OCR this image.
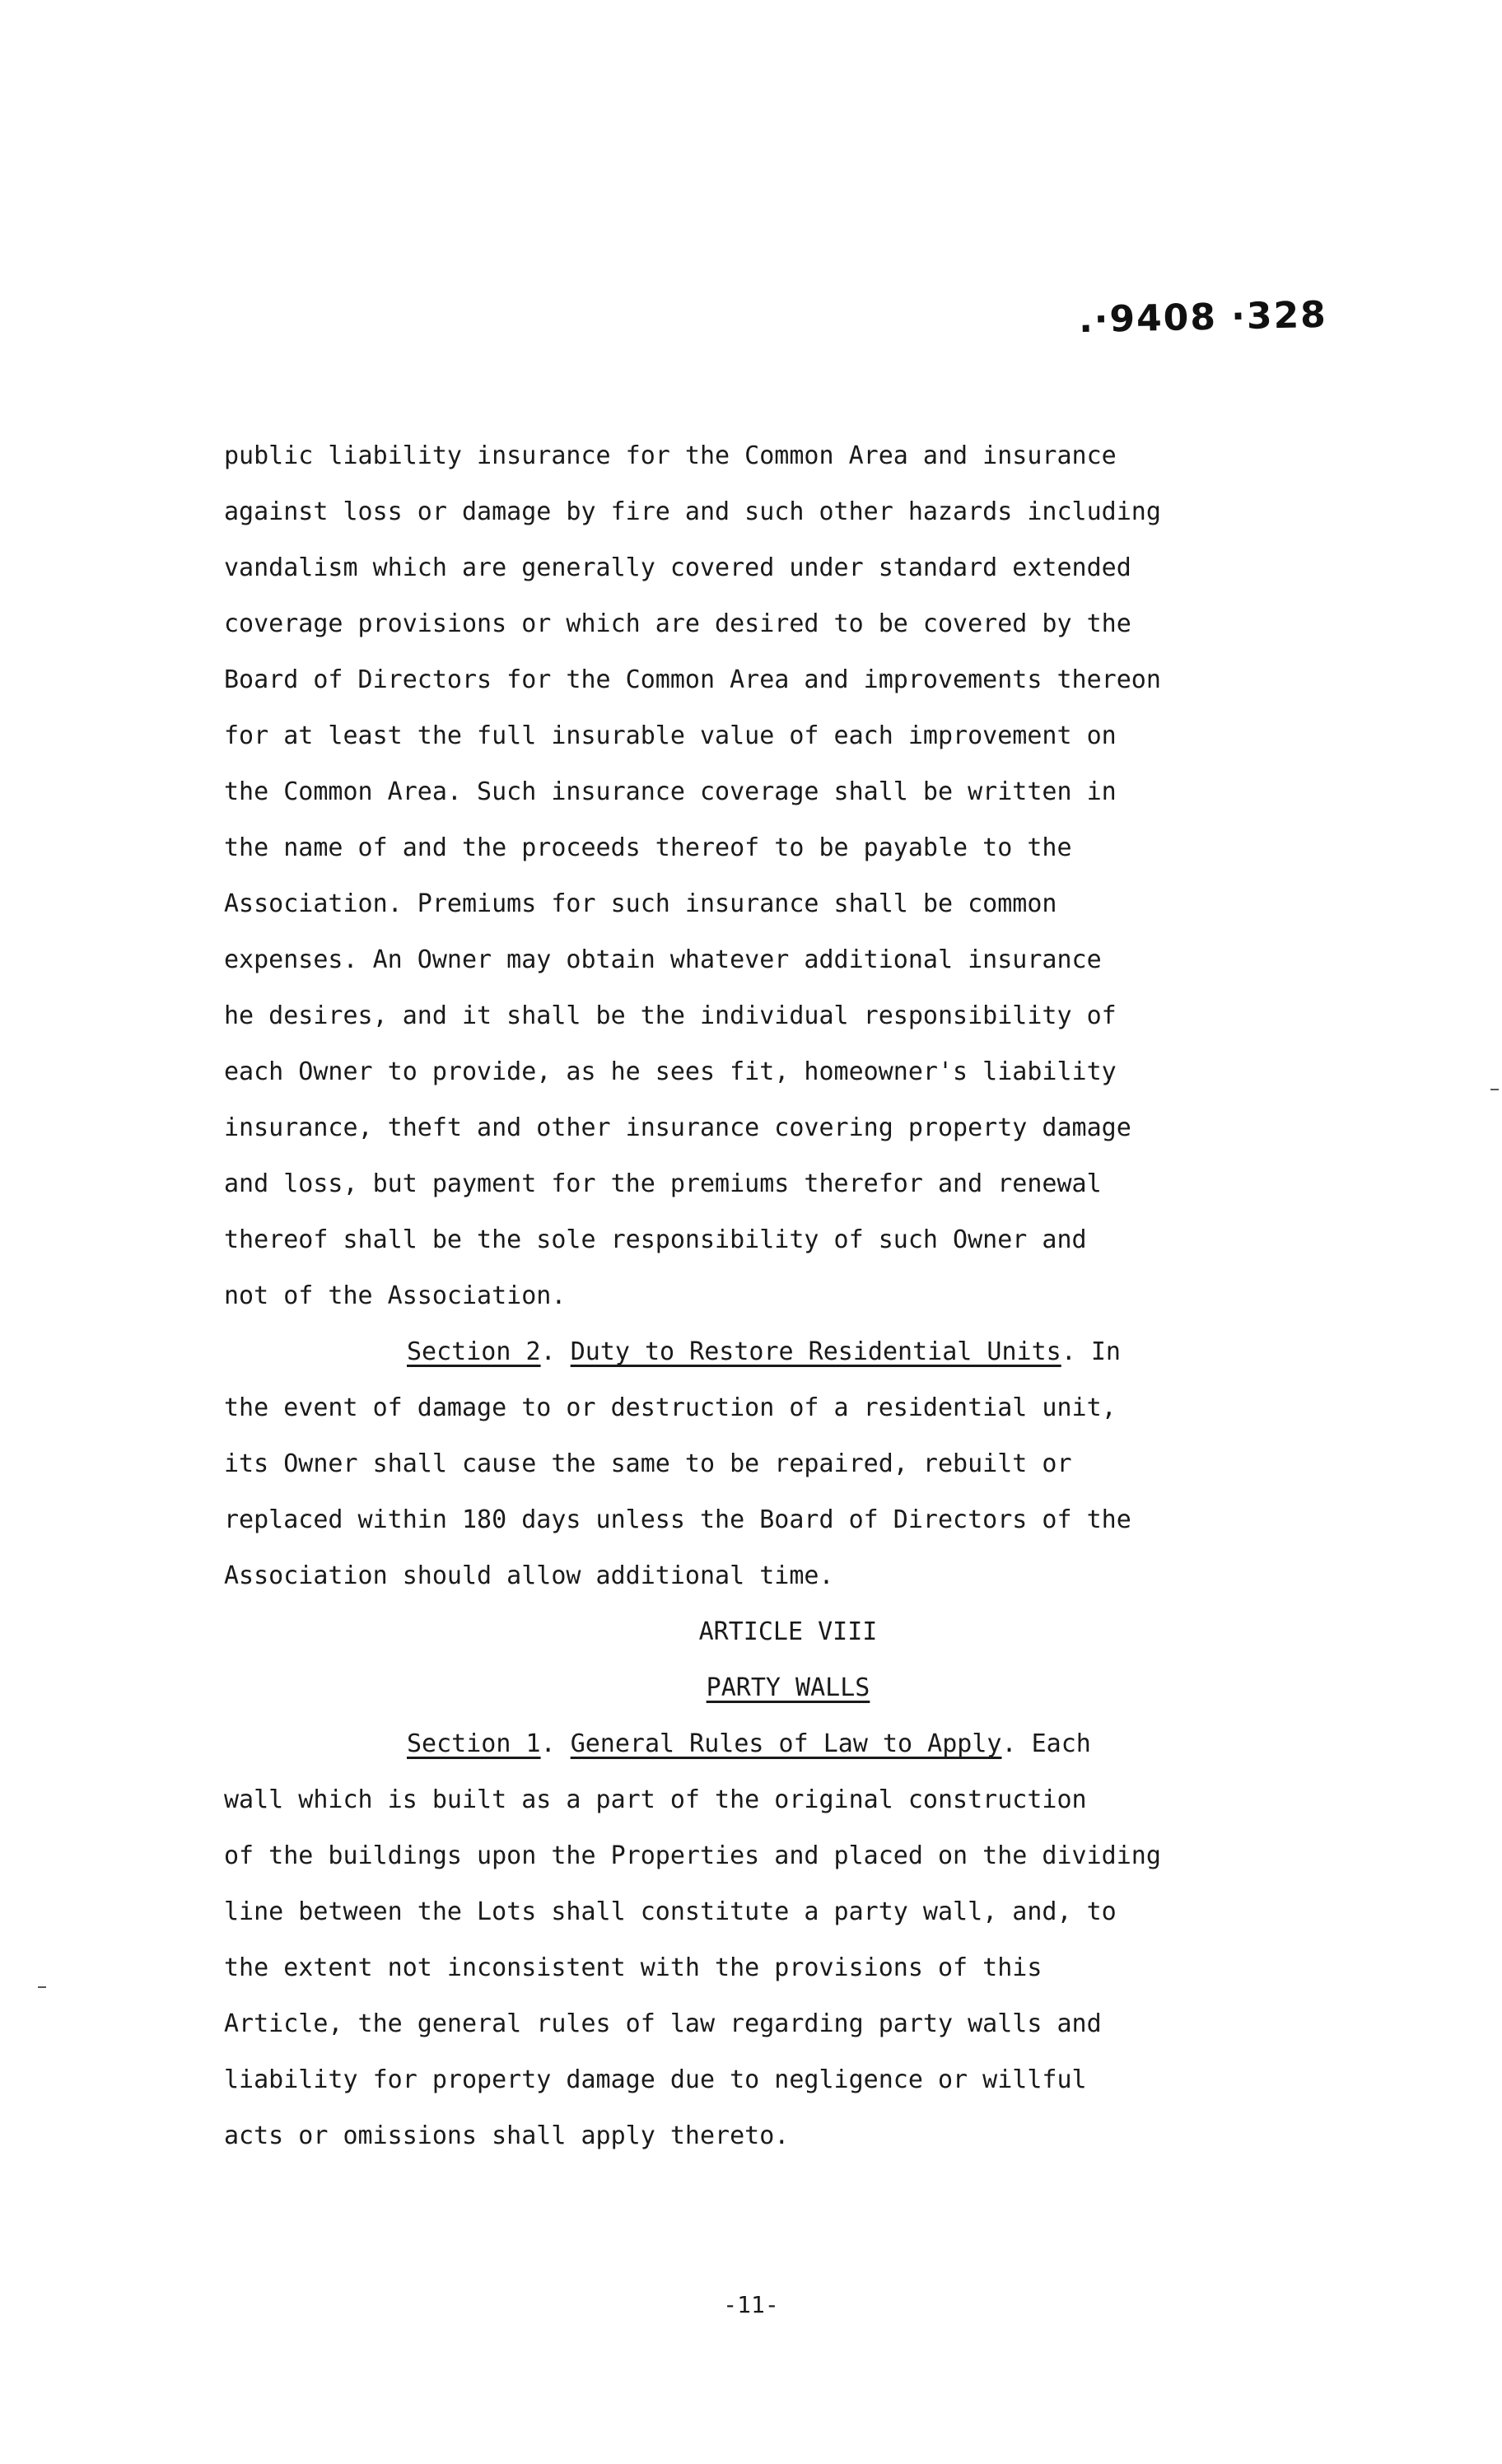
.·9408 ·328
public liability insurance for the Common Area and insurance
against loss or damage by fire and such other hazards including
vandalism which are generally covered under standard extended
coverage provisions or which are desired to be covered by the
Board of Directors for the Common Area and improvements thereon
for at least the full insurable value of each improvement on
the Common Area. Such insurance coverage shall be written in
the name of and the proceeds thereof to be payable to the
Association. Premiums for such insurance shall be common
expenses. An Owner may obtain whatever additional insurance
he desires, and it shall be the individual responsibility of
each Owner to provide, as he sees fit, homeowner's liability
insurance, theft and other insurance covering property damage
and loss, but payment for the premiums therefor and renewal
thereof shall be the sole responsibility of such Owner and
not of the Association.
Section 2. Duty to Restore Residential Units. In
the event of damage to or destruction of a residential unit,
its Owner shall cause the same to be repaired, rebuilt or
replaced within 180 days unless the Board of Directors of the
Association should allow additional time.
ARTICLE VIII
PARTY WALLS
Section 1. General Rules of Law to Apply. Each
wall which is built as a part of the original construction
of the buildings upon the Properties and placed on the dividing
line between the Lots shall constitute a party wall, and, to
the extent not inconsistent with the provisions of this
Article, the general rules of law regarding party walls and
liability for property damage due to negligence or willful
acts or omissions shall apply thereto.
-11-
